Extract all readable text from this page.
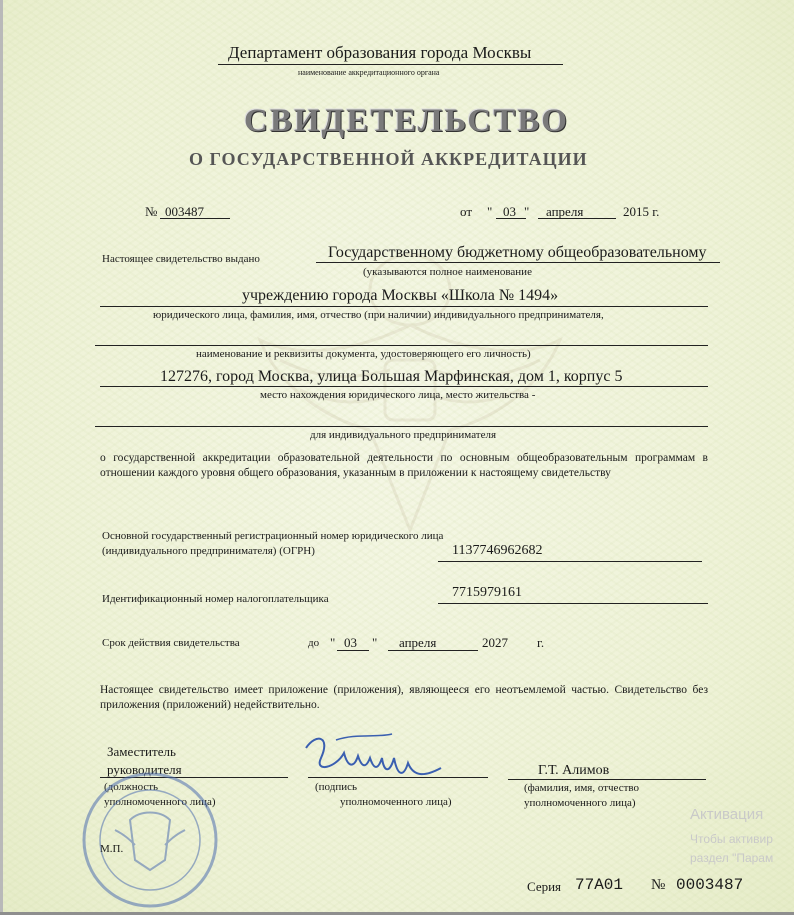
Департамент образования города Москвы
наименование аккредитационного органа
СВИДЕТЕЛЬСТВО
О ГОСУДАРСТВЕННОЙ АККРЕДИТАЦИИ
№ 003487	от " 03 " апреля	2015 г.
Настоящее свидетельство выдано	Государственному бюджетному общеобразовательному
(указываются полное наименование
учреждению города Москвы «Школа № 1494»
юридического лица, фамилия, имя, отчество (при наличии) индивидуального предпринимателя,
наименование и реквизиты документа, удостоверяющего его личность)
127276, город Москва, улица Большая Марфинская, дом 1, корпус 5
место нахождения юридического лица, место жительства -
для индивидуального предпринимателя
о государственной аккредитации образовательной деятельности по основным общеобразовательным программам в отношении каждого уровня общего образования, указанным в приложении к настоящему свидетельству
Основной государственный регистрационный номер юридического лица
(индивидуального предпринимателя) (ОГРН)	1137746962682
Идентификационный номер налогоплательщика	7715979161
Срок действия свидетельства	до " 03 " апреля	2027 г.
Настоящее свидетельство имеет приложение (приложения), являющееся его неотъемлемой частью. Свидетельство без приложения (приложений) недействительно.
Заместитель
руководителя
(должность
уполномоченного лица)
(подпись
уполномоченного лица)
Г.Т. Алимов
(фамилия, имя, отчество
уполномоченного лица)
М.П.
Серия 77А01 № 0003487
Активация
Чтобы активир
раздел "Парам
